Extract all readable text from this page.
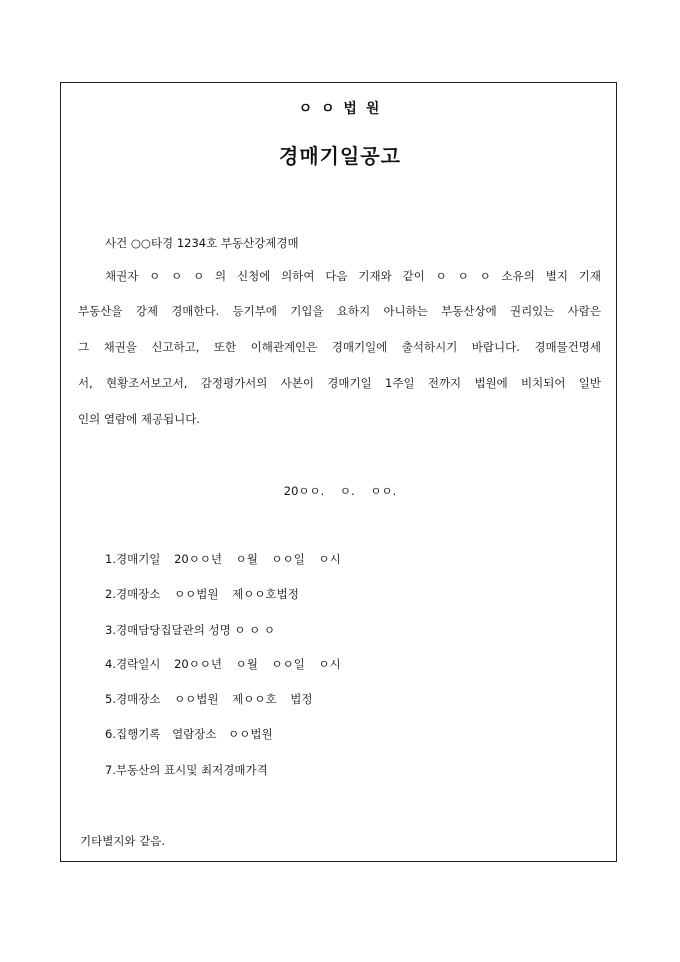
ㅇ ㅇ 법 원
경매기일공고
사건 ○○타경 1234호 부동산강제경매
채권자 ㅇ ㅇ ㅇ 의 신청에 의하여 다음 기재와 같이 ㅇ ㅇ ㅇ 소유의 별지 기재
부동산을 강제 경매한다. 등기부에 기입을 요하지 아니하는 부동산상에 권리있는 사람은
그 채권을 신고하고, 또한 이해관계인은 경매기일에 출석하시기 바랍니다. 경매물건명세
서, 현황조서보고서, 감정평가서의 사본이 경매기일 1주일 전까지 법원에 비치되어 일반
인의 열람에 제공됩니다.
20ㅇㅇ. ㅇ. ㅇㅇ.
1.경매기일 20ㅇㅇ년 ㅇ월 ㅇㅇ일 ㅇ시
2.경매장소 ㅇㅇ법원 제ㅇㅇ호법정
3.경매담당집달관의 성명 ㅇ ㅇ ㅇ
4.경락일시 20ㅇㅇ년 ㅇ월 ㅇㅇ일 ㅇ시
5.경매장소 ㅇㅇ법원 제ㅇㅇ호 법정
6.집행기록 열람장소 ㅇㅇ법원
7.부동산의 표시및 최저경매가격
기타별지와 같음.
